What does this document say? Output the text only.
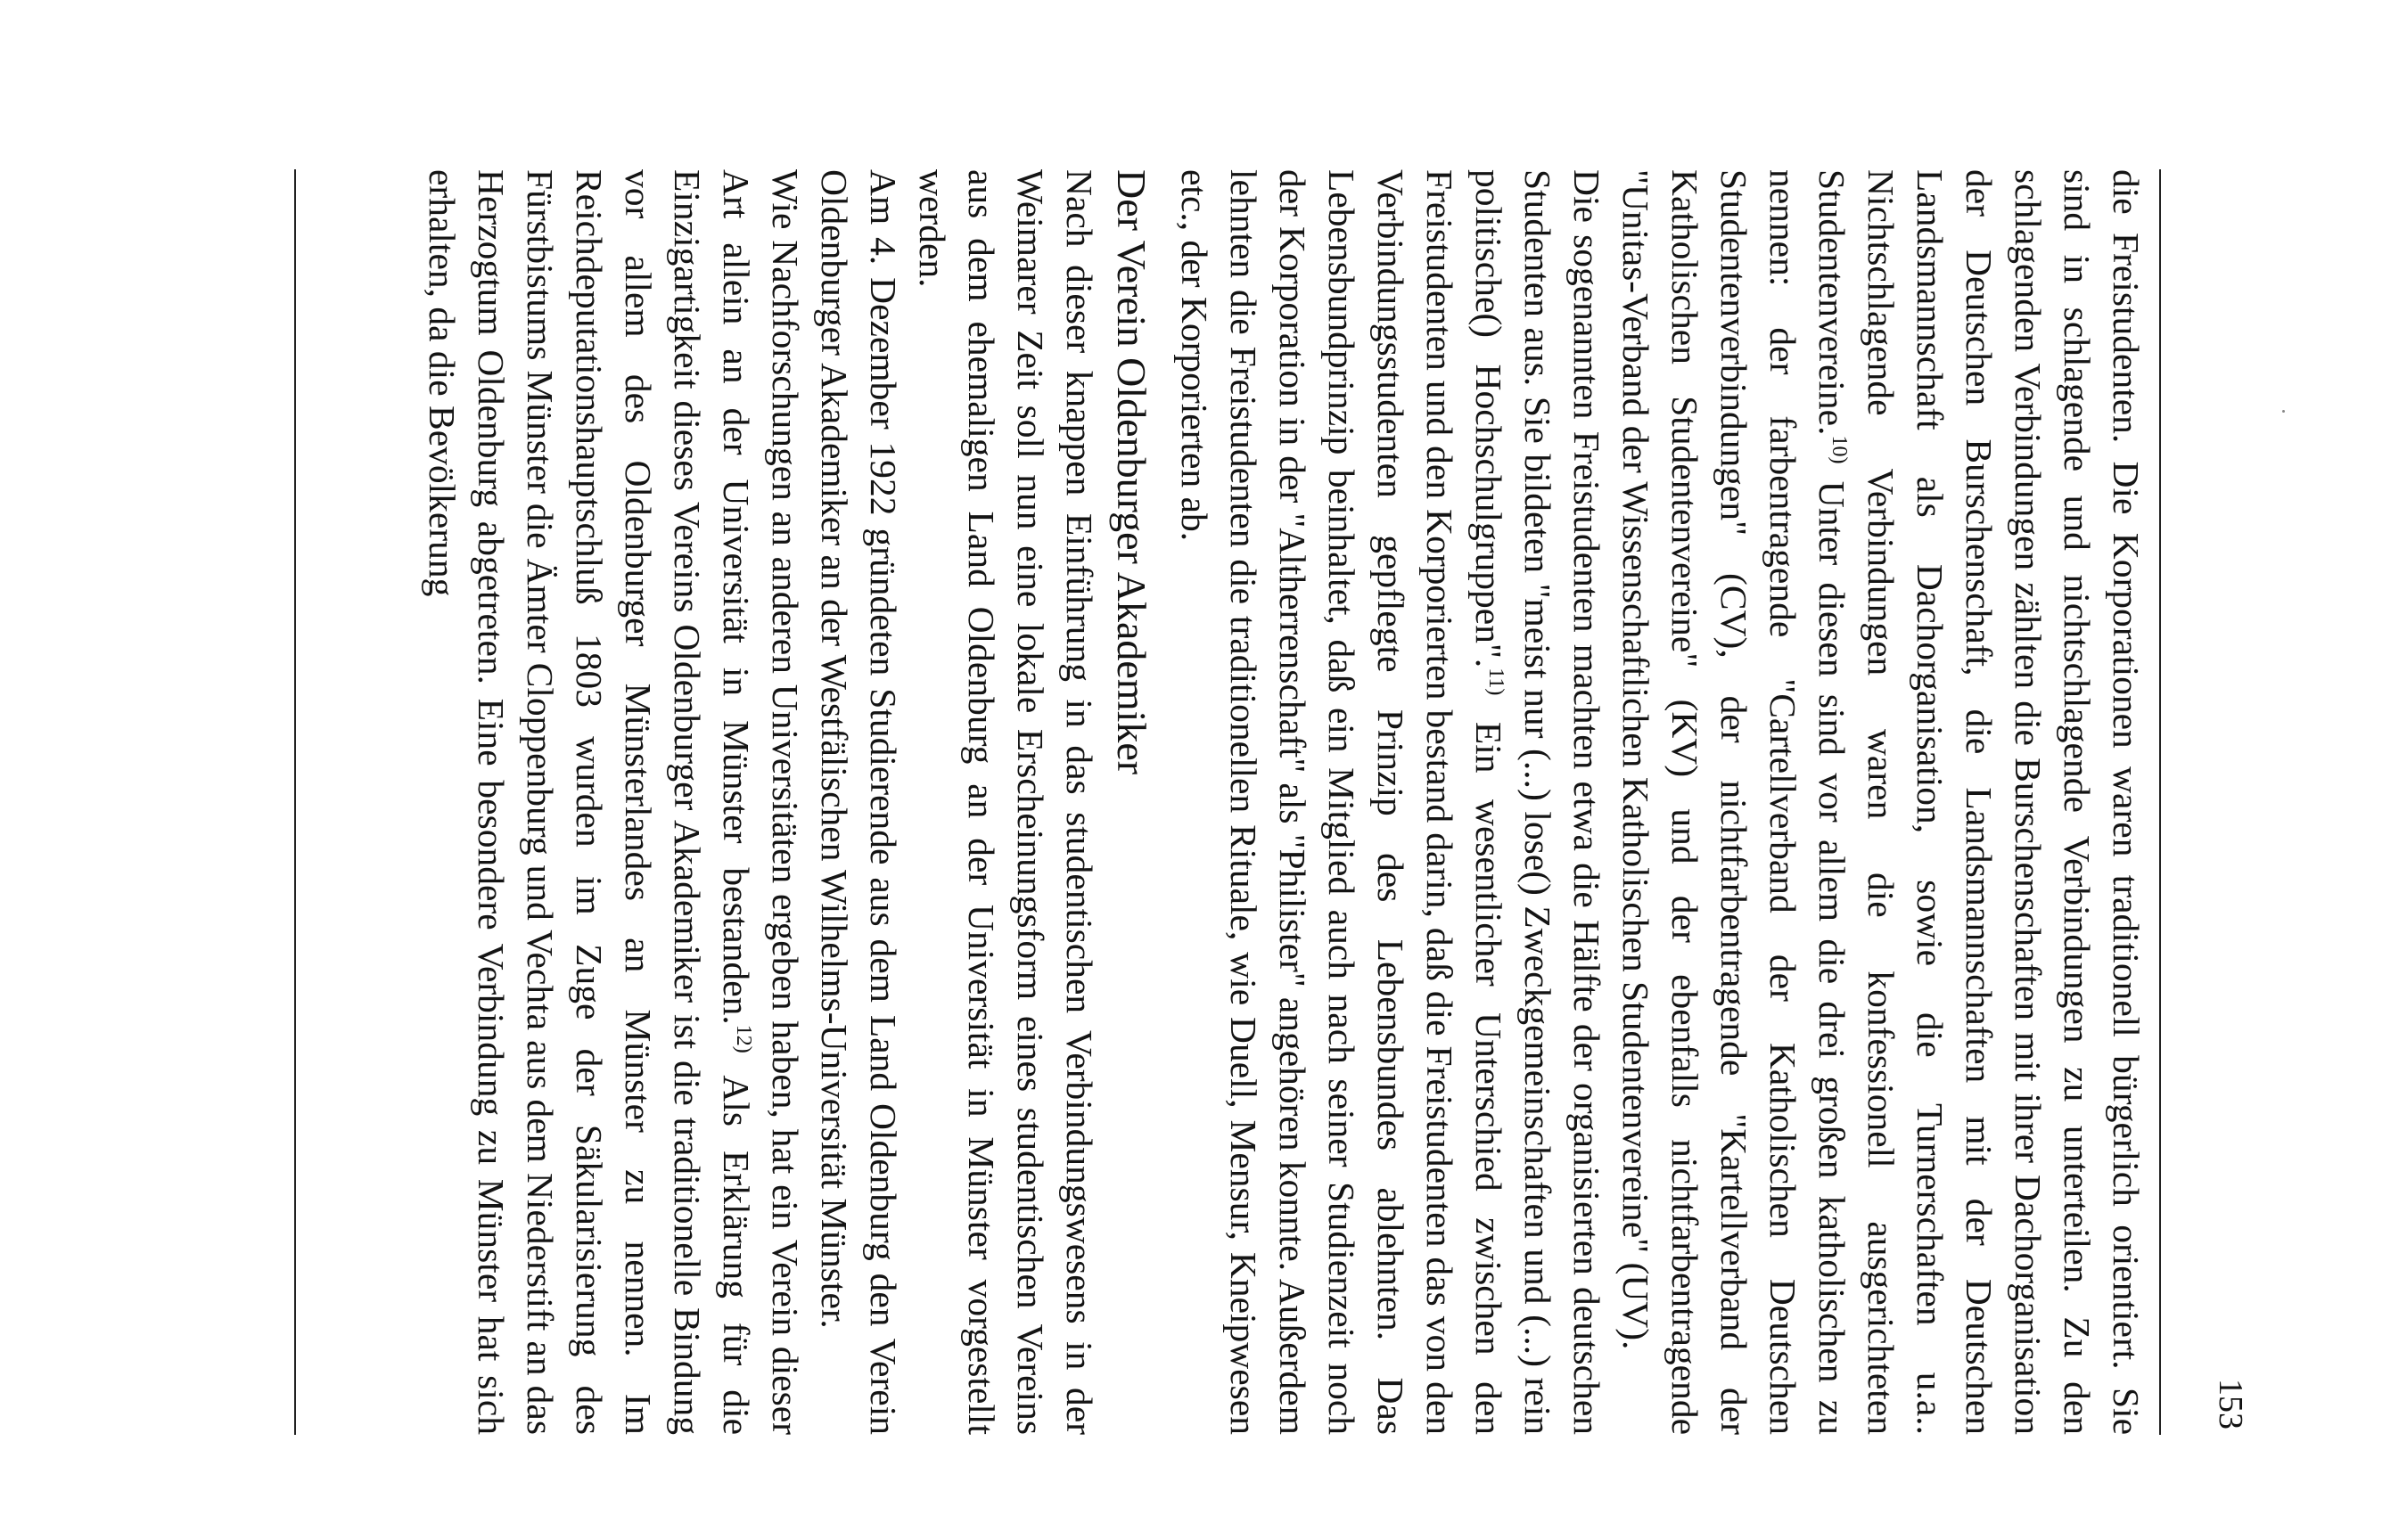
153

die Freistudenten. Die Korporationen waren traditionell bürgerlich orientiert. Sie sind in schlagende und nichtschlagende Verbindungen zu unterteilen. Zu den schlagenden Verbindungen zählten die Burschenschaften mit ihrer Dachorganisation der Deutschen Burschenschaft, die Landsmannschaften mit der Deutschen Landsmannschaft als Dachorganisation, sowie die Turnerschaften u.a.. Nichtschlagende Verbindungen waren die konfessionell ausgerichteten Studentenvereine.$^{10)}$ Unter diesen sind vor allem die drei großen katholischen zu nennen: der farbentragende "Cartellverband der Katholischen Deutschen Studentenverbindungen" (CV), der nichtfarbentragende "Kartellverband der Katholischen Studentenvereine" (KV) und der ebenfalls nichtfarbentragende "Unitas-Verband der Wissenschaftlichen Katholischen Studentenvereine" (UV).

Die sogenannten Freistudenten machten etwa die Hälfte der organisierten deutschen Studenten aus. Sie bildeten "meist nur (...) lose() Zweckgemeinschaften und (...) rein politische() Hochschulgruppen".$^{11)}$ Ein wesentlicher Unterschied zwischen den Freistudenten und den Korporierten bestand darin, daß die Freistudenten das von den Verbindungsstudenten gepflegte Prinzip des Lebensbundes ablehnten. Das Lebensbundprinzip beinhaltet, daß ein Mitglied auch nach seiner Studienzeit noch der Korporation in der "Altherrenschaft" als "Philister" angehören konnte. Außerdem lehnten die Freistudenten die traditionellen Rituale, wie Duell, Mensur, Kneipwesen etc., der Korporierten ab.

Der Verein Oldenburger Akademiker

Nach dieser knappen Einführung in das studentischen Verbindungswesens in der Weimarer Zeit soll nun eine lokale Erscheinungsform eines studentischen Vereins aus dem ehemaligen Land Oldenburg an der Universität in Münster vorgestellt werden.

Am 4. Dezember 1922 gründeten Studierende aus dem Land Oldenburg den Verein Oldenburger Akademiker an der Westfälischen Wilhelms-Universität Münster.

Wie Nachforschungen an anderen Universitäten ergeben haben, hat ein Verein dieser Art allein an der Universität in Münster bestanden.$^{12)}$ Als Erklärung für die Einzigartigkeit dieses Vereins Oldenburger Akademiker ist die traditionelle Bindung vor allem des Oldenburger Münsterlandes an Münster zu nennen. Im Reichdeputationshauptschluß 1803 wurden im Zuge der Säkularisierung des Fürstbistums Münster die Ämter Cloppenburg und Vechta aus dem Niederstift an das Herzogtum Oldenburg abgetreten. Eine besondere Verbindung zu Münster hat sich erhalten, da die Bevölkerung
